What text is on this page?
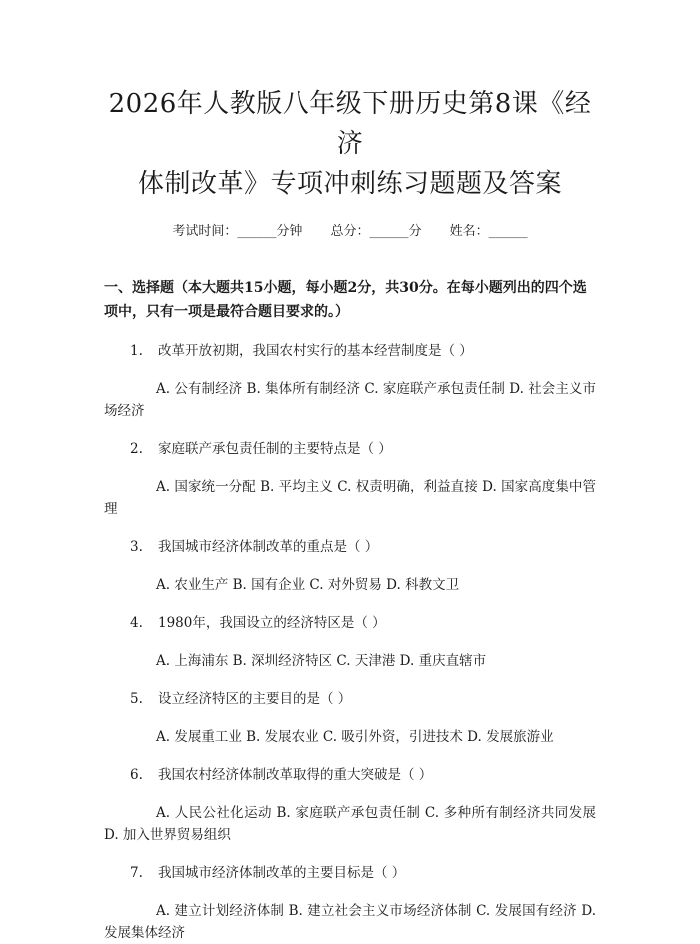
2026年人教版八年级下册历史第8课《经济
体制改革》专项冲刺练习题题及答案
考试时间：______分钟 总分：______分 姓名：______
一、选择题（本大题共15小题，每小题2分，共30分。在每小题列出的四个选项中，只有一项是最符合题目要求的。）
1. 改革开放初期，我国农村实行的基本经营制度是（ ）
A. 公有制经济 B. 集体所有制经济 C. 家庭联产承包责任制 D. 社会主义市场经济
2. 家庭联产承包责任制的主要特点是（ ）
A. 国家统一分配 B. 平均主义 C. 权责明确，利益直接 D. 国家高度集中管理
3. 我国城市经济体制改革的重点是（ ）
A. 农业生产 B. 国有企业 C. 对外贸易 D. 科教文卫
4. 1980年，我国设立的经济特区是（ ）
A. 上海浦东 B. 深圳经济特区 C. 天津港 D. 重庆直辖市
5. 设立经济特区的主要目的是（ ）
A. 发展重工业 B. 发展农业 C. 吸引外资，引进技术 D. 发展旅游业
6. 我国农村经济体制改革取得的重大突破是（ ）
A. 人民公社化运动 B. 家庭联产承包责任制 C. 多种所有制经济共同发展 D. 加入世界贸易组织
7. 我国城市经济体制改革的主要目标是（ ）
A. 建立计划经济体制 B. 建立社会主义市场经济体制 C. 发展国有经济 D. 发展集体经济
